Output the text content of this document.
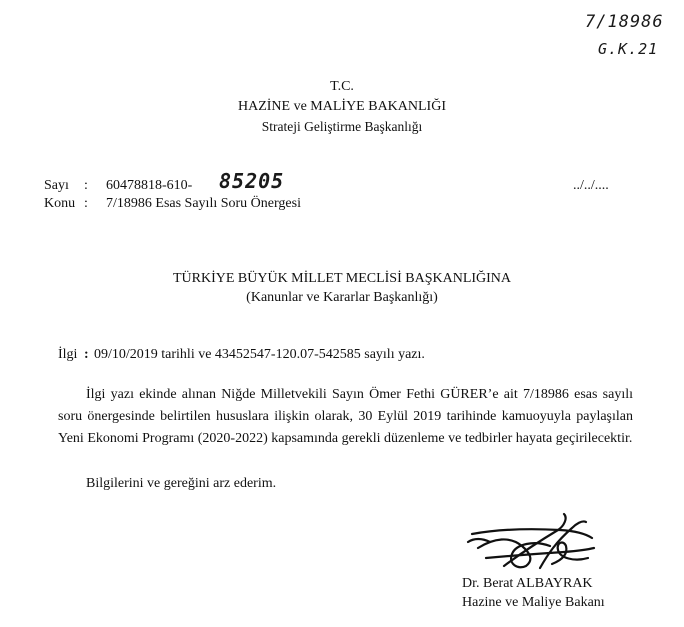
7/18986
G.K.21
T.C.
HAZİNE ve MALİYE BAKANLIĞI
Strateji Geliştirme Başkanlığı
Sayı : 60478818-610- 85205	../../....
Konu : 7/18986 Esas Sayılı Soru Önergesi
TÜRKİYE BÜYÜK MİLLET MECLİSİ BAŞKANLIĞINA
(Kanunlar ve Kararlar Başkanlığı)
İlgi : 09/10/2019 tarihli ve 43452547-120.07-542585 sayılı yazı.
İlgi yazı ekinde alınan Niğde Milletvekili Sayın Ömer Fethi GÜRER’e ait 7/18986 esas sayılı soru önergesinde belirtilen hususlara ilişkin olarak, 30 Eylül 2019 tarihinde kamuoyuyla paylaşılan Yeni Ekonomi Programı (2020-2022) kapsamında gerekli düzenleme ve tedbirler hayata geçirilecektir.
Bilgilerini ve gereğini arz ederim.
Dr. Berat ALBAYRAK
Hazine ve Maliye Bakanı
